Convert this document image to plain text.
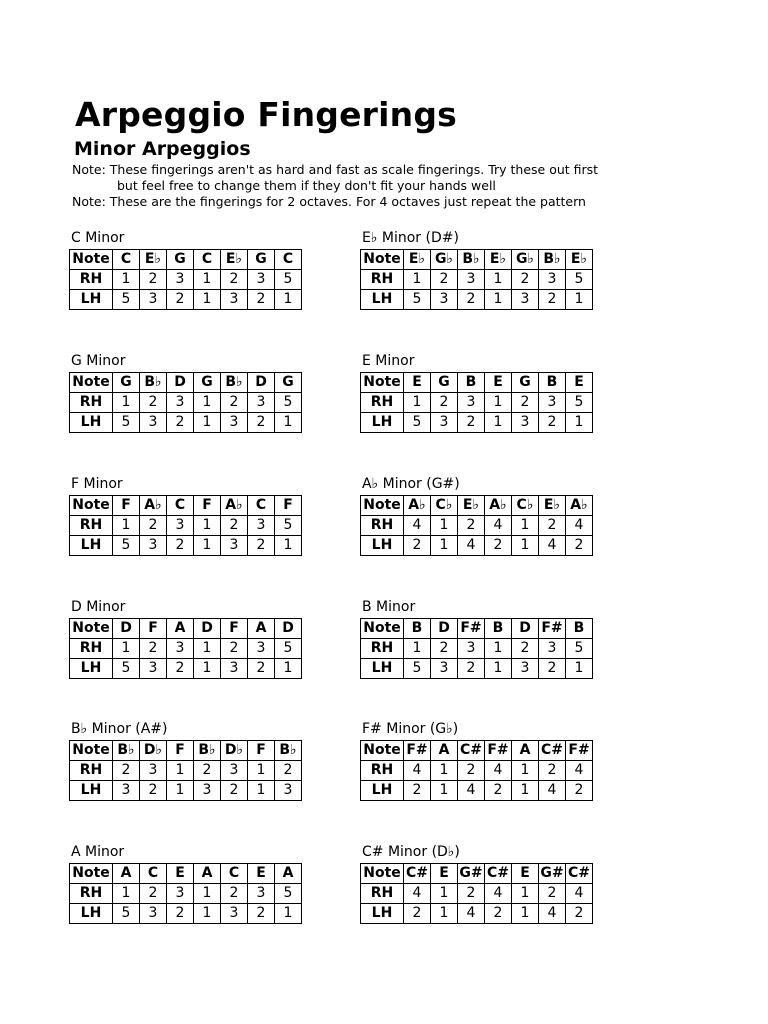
Arpeggio Fingerings
Minor Arpeggios

Note: These fingerings aren't as hard and fast as scale fingerings. Try these out first

but feel free to change them if they don't fit your hands well

Note: These are the fingerings for 2 octaves. For 4 octaves just repeat the pattern

C Minor
Note	C	E♭	G	C	E♭	G	C
RH	1	2	3	1	2	3	5
LH	5	3	2	1	3	2	1
E♭ Minor (D#)
Note	E♭	G♭	B♭	E♭	G♭	B♭	E♭
RH	1	2	3	1	2	3	5
LH	5	3	2	1	3	2	1
G Minor
Note	G	B♭	D	G	B♭	D	G
RH	1	2	3	1	2	3	5
LH	5	3	2	1	3	2	1
E Minor
Note	E	G	B	E	G	B	E
RH	1	2	3	1	2	3	5
LH	5	3	2	1	3	2	1
F Minor
Note	F	A♭	C	F	A♭	C	F
RH	1	2	3	1	2	3	5
LH	5	3	2	1	3	2	1
A♭ Minor (G#)
Note	A♭	C♭	E♭	A♭	C♭	E♭	A♭
RH	4	1	2	4	1	2	4
LH	2	1	4	2	1	4	2
D Minor
Note	D	F	A	D	F	A	D
RH	1	2	3	1	2	3	5
LH	5	3	2	1	3	2	1
B Minor
Note	B	D	F#	B	D	F#	B
RH	1	2	3	1	2	3	5
LH	5	3	2	1	3	2	1
B♭ Minor (A#)
Note	B♭	D♭	F	B♭	D♭	F	B♭
RH	2	3	1	2	3	1	2
LH	3	2	1	3	2	1	3
F# Minor (G♭)
Note	F#	A	C#	F#	A	C#	F#
RH	4	1	2	4	1	2	4
LH	2	1	4	2	1	4	2
A Minor
Note	A	C	E	A	C	E	A
RH	1	2	3	1	2	3	5
LH	5	3	2	1	3	2	1
C# Minor (D♭)
Note	C#	E	G#	C#	E	G#	C#
RH	4	1	2	4	1	2	4
LH	2	1	4	2	1	4	2
